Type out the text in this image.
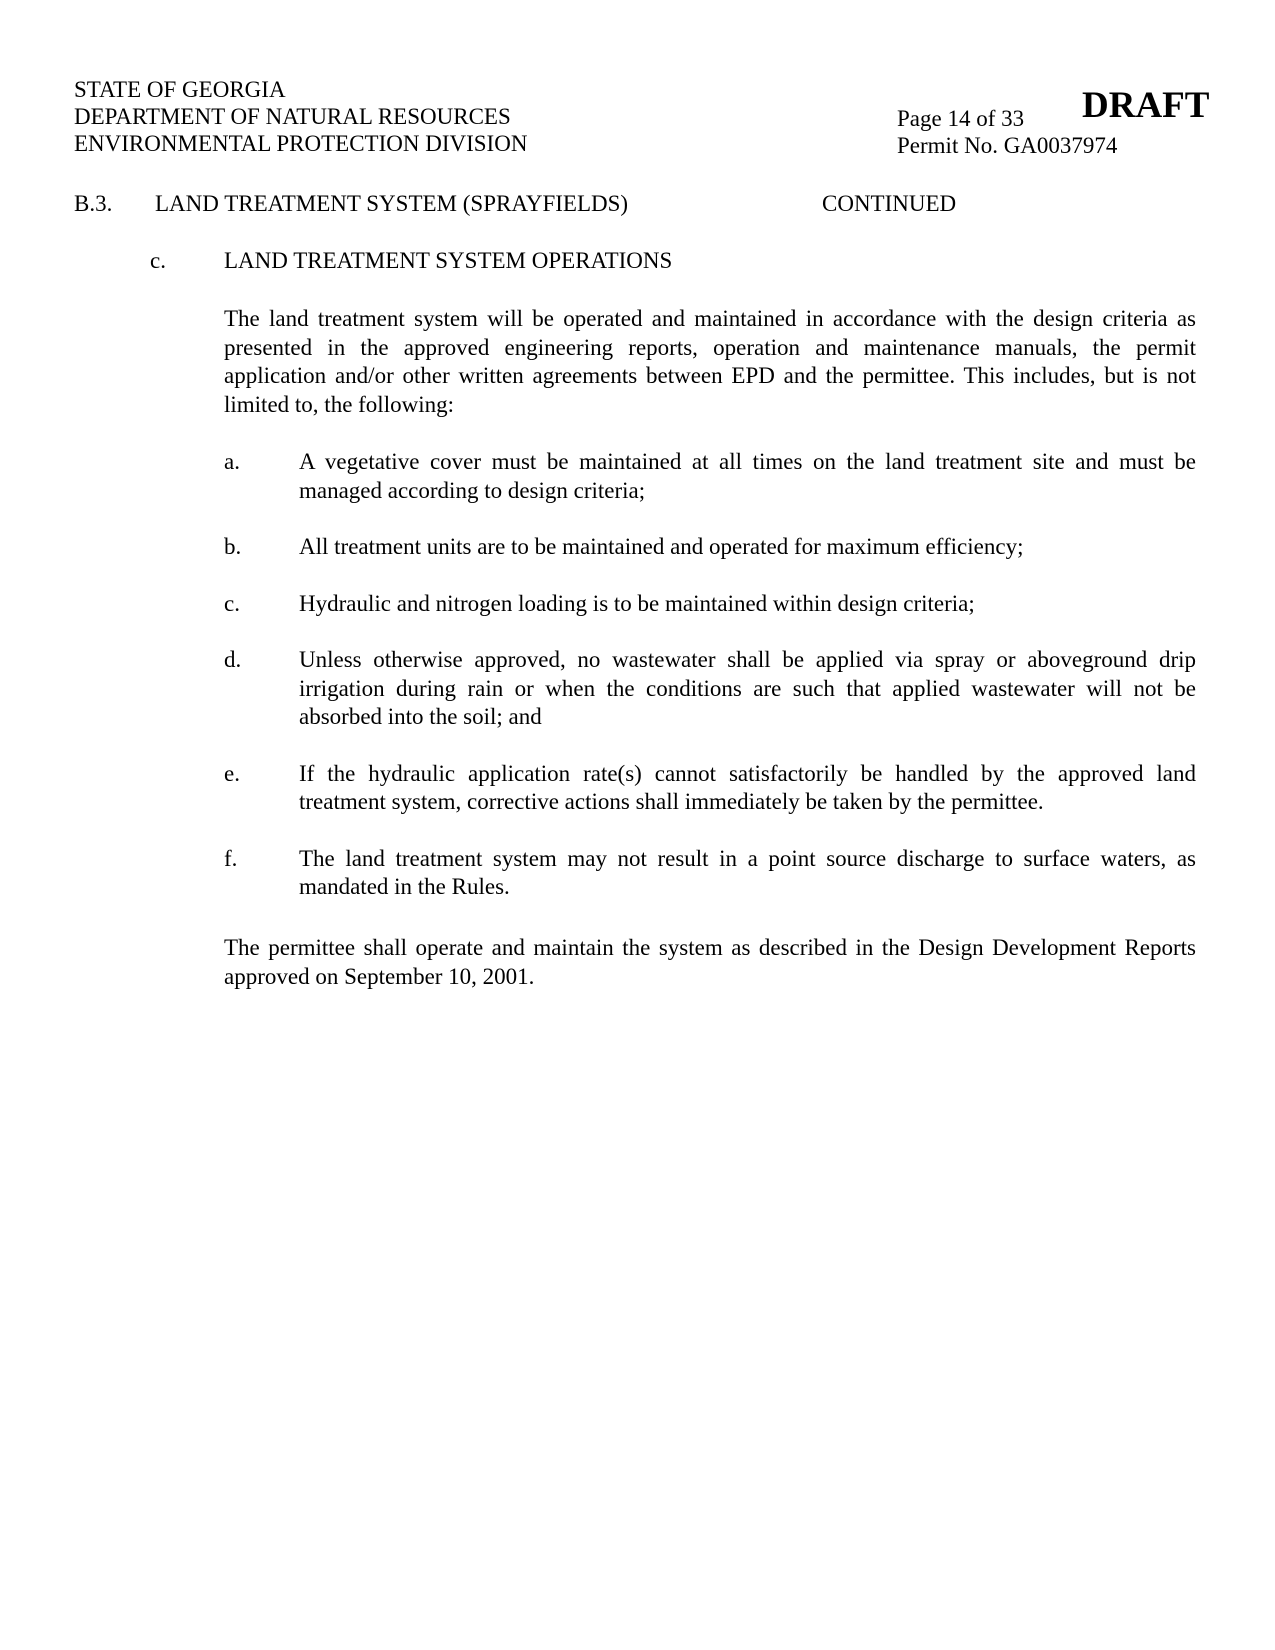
STATE OF GEORGIA
DEPARTMENT OF NATURAL RESOURCES
ENVIRONMENTAL PROTECTION DIVISION
Page 14 of 33
Permit No. GA0037974
DRAFT
B.3. LAND TREATMENT SYSTEM (SPRAYFIELDS)	CONTINUED
c.	LAND TREATMENT SYSTEM OPERATIONS

The land treatment system will be operated and maintained in accordance with the design criteria as presented in the approved engineering reports, operation and maintenance manuals, the permit application and/or other written agreements between EPD and the permittee. This includes, but is not limited to, the following:

a.	A vegetative cover must be maintained at all times on the land treatment site and must be managed according to design criteria;
b.	All treatment units are to be maintained and operated for maximum efficiency;
c.	Hydraulic and nitrogen loading is to be maintained within design criteria;
d.	Unless otherwise approved, no wastewater shall be applied via spray or aboveground drip irrigation during rain or when the conditions are such that applied wastewater will not be absorbed into the soil; and
e.	If the hydraulic application rate(s) cannot satisfactorily be handled by the approved land treatment system, corrective actions shall immediately be taken by the permittee.
f.	The land treatment system may not result in a point source discharge to surface waters, as mandated in the Rules.

The permittee shall operate and maintain the system as described in the Design Development Reports approved on September 10, 2001.
